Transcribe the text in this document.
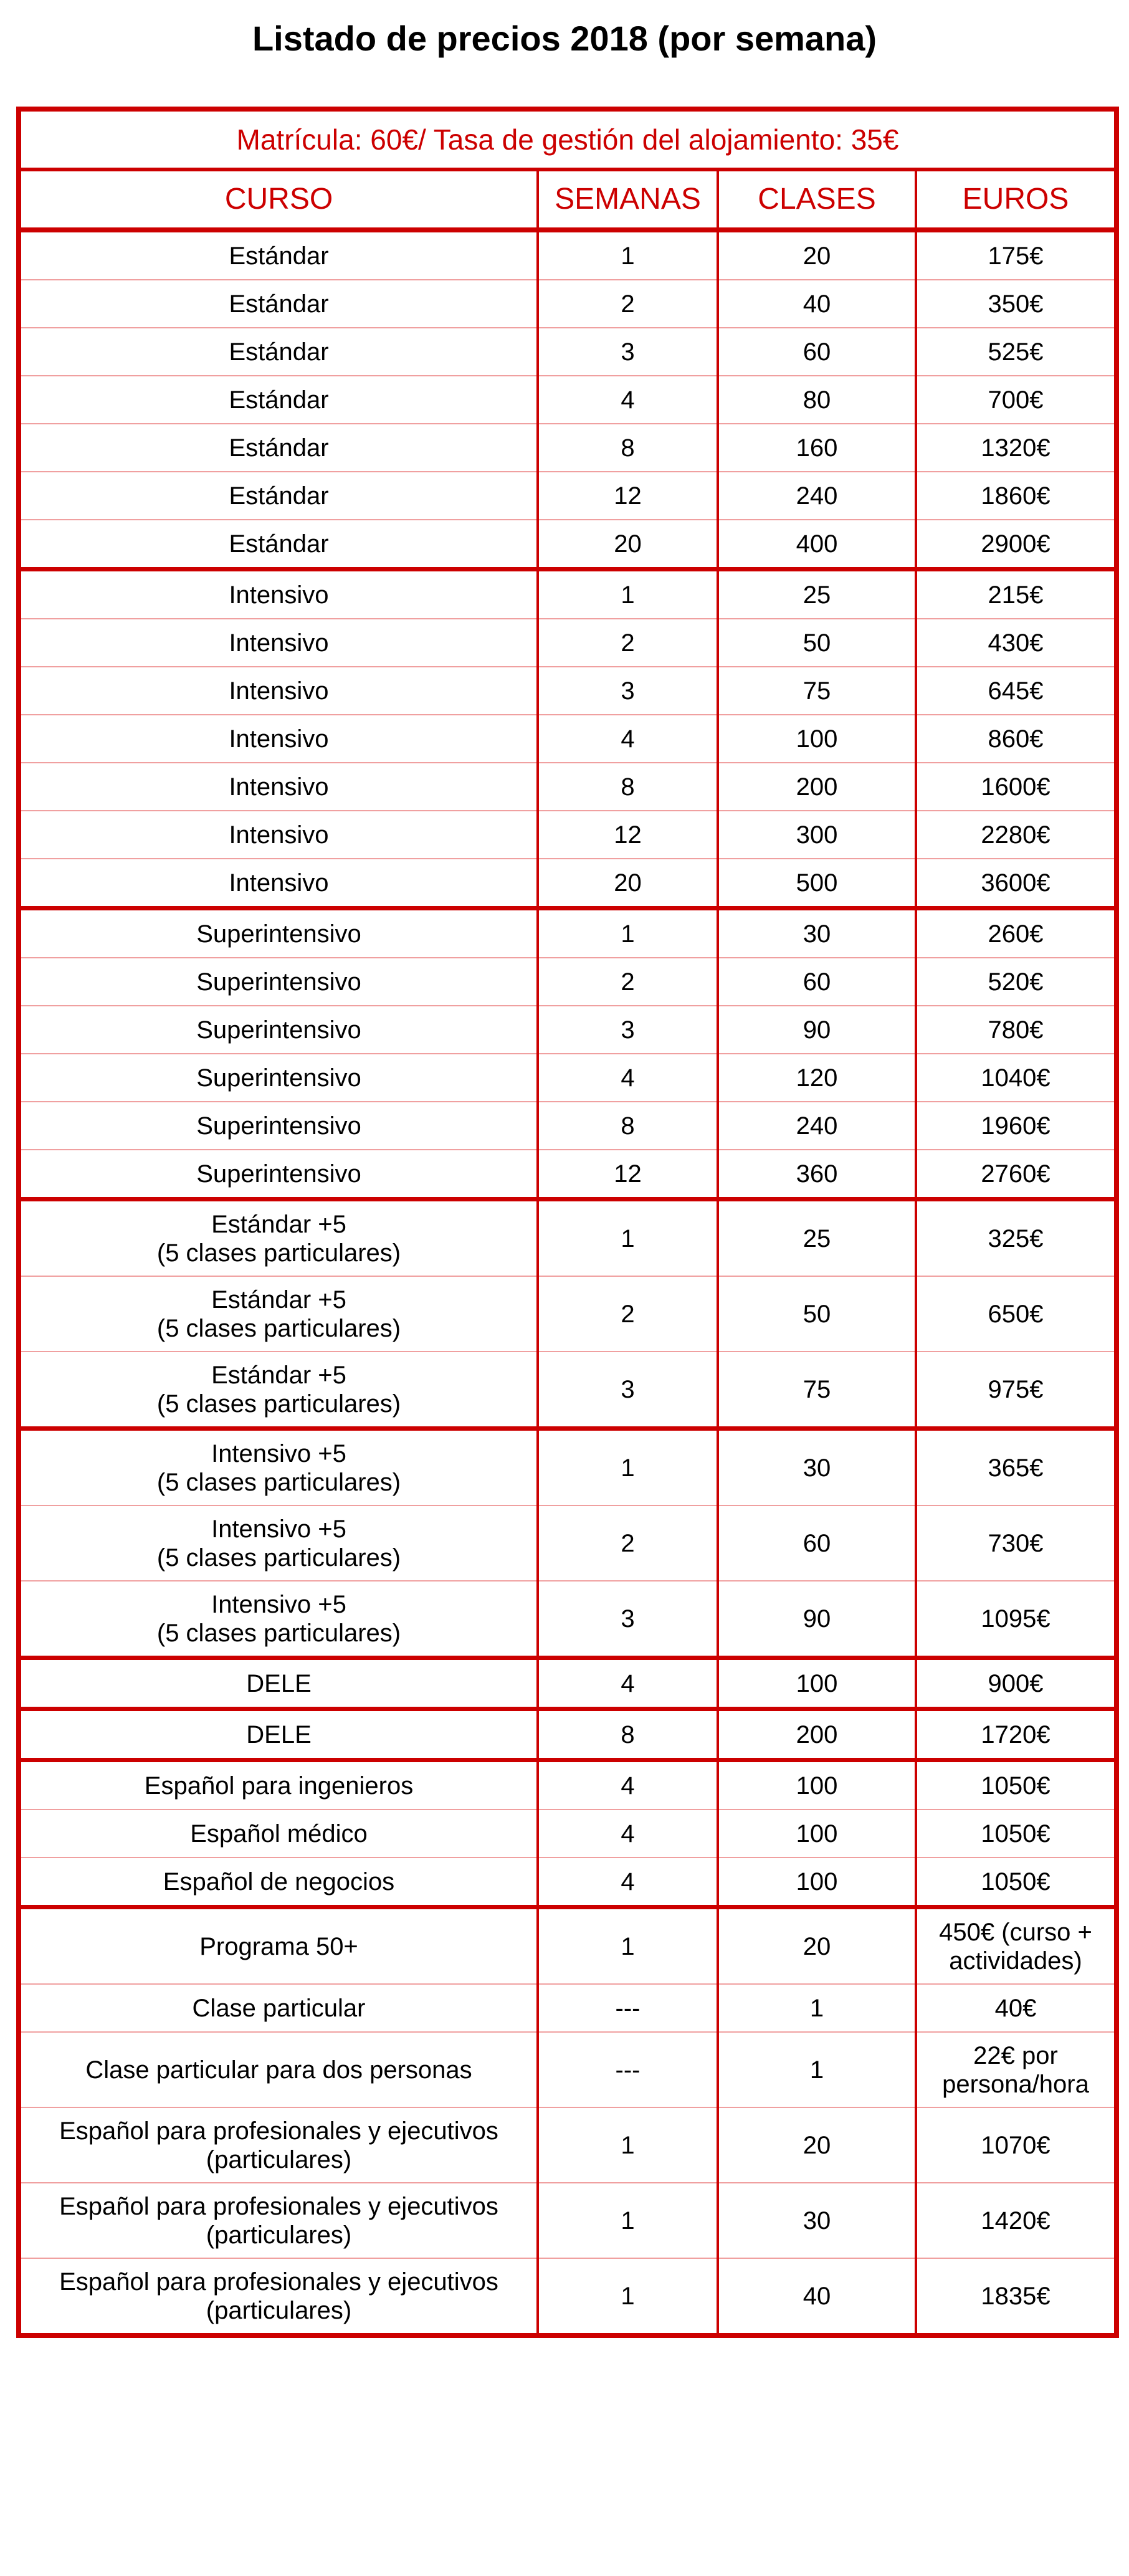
Listado de precios 2018 (por semana)
Matrícula: 60€/ Tasa de gestión del alojamiento: 35€			
CURSO	SEMANAS	CLASES	EUROS
Estándar	1	20	175€
Estándar	2	40	350€
Estándar	3	60	525€
Estándar	4	80	700€
Estándar	8	160	1320€
Estándar	12	240	1860€
Estándar	20	400	2900€
Intensivo	1	25	215€
Intensivo	2	50	430€
Intensivo	3	75	645€
Intensivo	4	100	860€
Intensivo	8	200	1600€
Intensivo	12	300	2280€
Intensivo	20	500	3600€
Superintensivo	1	30	260€
Superintensivo	2	60	520€
Superintensivo	3	90	780€
Superintensivo	4	120	1040€
Superintensivo	8	240	1960€
Superintensivo	12	360	2760€
Estándar +5
(5 clases particulares)	1	25	325€
Estándar +5
(5 clases particulares)	2	50	650€
Estándar +5
(5 clases particulares)	3	75	975€
Intensivo +5
(5 clases particulares)	1	30	365€
Intensivo +5
(5 clases particulares)	2	60	730€
Intensivo +5
(5 clases particulares)	3	90	1095€
DELE	4	100	900€
DELE	8	200	1720€
Español para ingenieros	4	100	1050€
Español médico	4	100	1050€
Español de negocios	4	100	1050€
Programa 50+	1	20	450€ (curso +
actividades)
Clase particular	---	1	40€
Clase particular para dos personas	---	1	22€ por
persona/hora
Español para profesionales y ejecutivos
(particulares)	1	20	1070€
Español para profesionales y ejecutivos
(particulares)	1	30	1420€
Español para profesionales y ejecutivos
(particulares)	1	40	1835€
